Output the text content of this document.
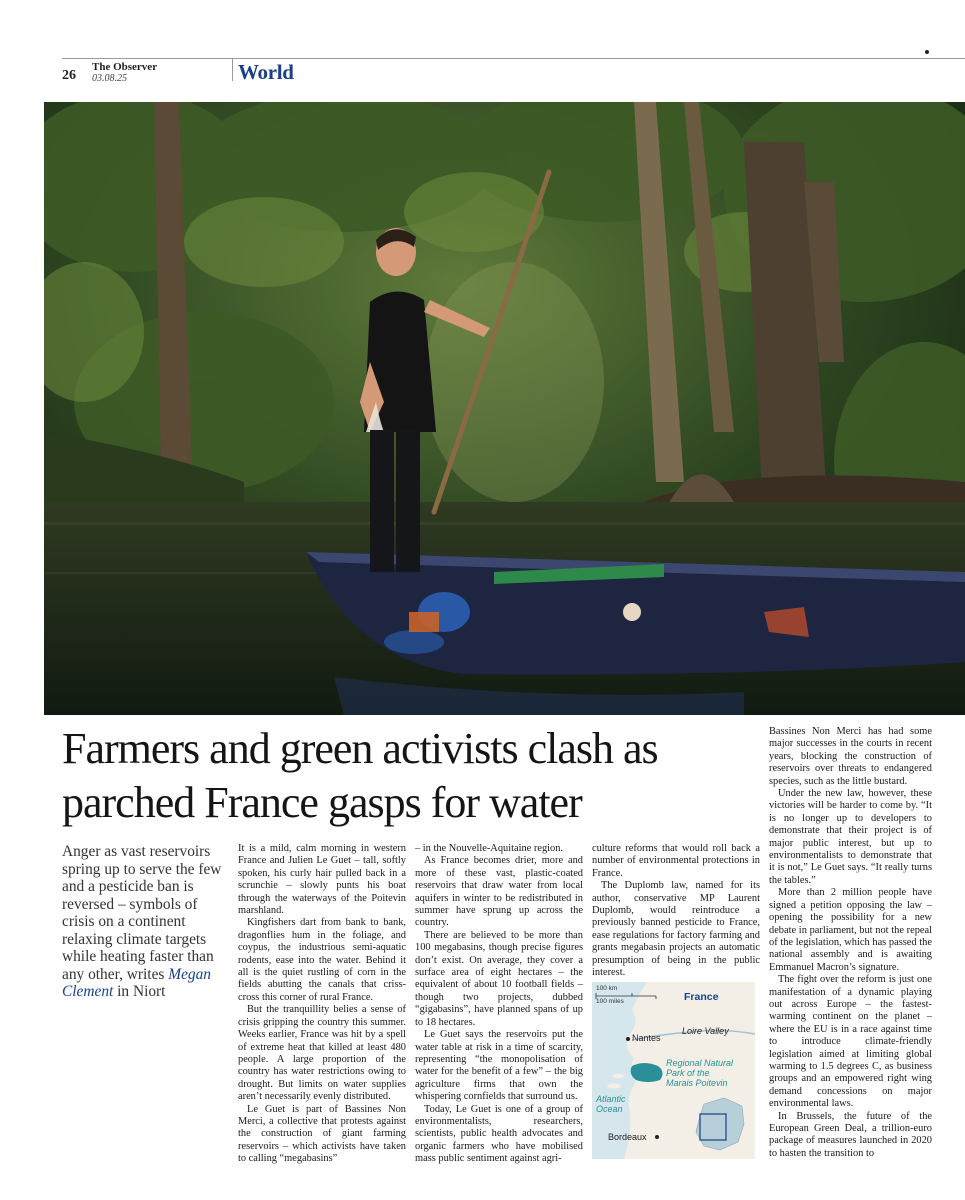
26
The Observer
03.08.25	World
Farmers and green activists clash as parched France gasps for water

Anger as vast reservoirs spring up to serve the few and a pesticide ban is reversed – symbols of crisis on a continent relaxing climate targets while heating faster than any other, writes Megan Clement in Niort

It is a mild, calm morning in western France and Julien Le Guet – tall, softly spoken, his curly hair pulled back in a scrunchie – slowly punts his boat through the waterways of the Poitevin marshland.

Kingfishers dart from bank to bank, dragonflies hum in the foliage, and coypus, the industrious semi-aquatic rodents, ease into the water. Behind it all is the quiet rustling of corn in the fields abutting the canals that criss-cross this corner of rural France.

But the tranquillity belies a sense of crisis gripping the country this summer. Weeks earlier, France was hit by a spell of extreme heat that killed at least 480 people. A large proportion of the country has water restrictions owing to drought. But limits on water supplies aren’t necessarily evenly distributed.

Le Guet is part of Bassines Non Merci, a collective that protests against the construction of giant farming reservoirs – which activists have taken to calling “megabasins”

– in the Nouvelle-Aquitaine region.

As France becomes drier, more and more of these vast, plastic-coated reservoirs that draw water from local aquifers in winter to be redistributed in summer have sprung up across the country.

There are believed to be more than 100 megabasins, though precise figures don’t exist. On average, they cover a surface area of eight hectares – the equivalent of about 10 football fields – though two projects, dubbed “gigabasins”, have planned spans of up to 18 hectares.

Le Guet says the reservoirs put the water table at risk in a time of scarcity, representing “the monopolisation of water for the benefit of a few” – the big agriculture firms that own the whispering cornfields that surround us.

Today, Le Guet is one of a group of environmentalists, researchers, scientists, public health advocates and organic farmers who have mobilised mass public sentiment against agri-

culture reforms that would roll back a number of environmental protections in France.

The Duplomb law, named for its author, conservative MP Laurent Duplomb, would reintroduce a previously banned pesticide to France, ease regulations for factory farming and grants megabasin projects an automatic presumption of being in the public interest.

Bassines Non Merci has had some major successes in the courts in recent years, blocking the construction of reservoirs over threats to endangered species, such as the little bustard.

Under the new law, however, these victories will be harder to come by. “It is no longer up to developers to demonstrate that their project is of major public interest, but up to environmentalists to demonstrate that it is not,” Le Guet says. “It really turns the tables.”

More than 2 million people have signed a petition opposing the law – opening the possibility for a new debate in parliament, but not the repeal of the legislation, which has passed the national assembly and is awaiting Emmanuel Macron’s signature.

The fight over the reform is just one manifestation of a dynamic playing out across Europe – the fastest-warming continent on the planet – where the EU is in a race against time to introduce climate-friendly legislation aimed at limiting global warming to 1.5 degrees C, as business groups and an empowered right wing demand concessions on major environmental laws.

In Brussels, the future of the European Green Deal, a trillion-euro package of measures launched in 2020 to hasten the transition to

100 km
100 miles	France
Nantes
Loire Valley
Regional Natural
Park of the
Marais Poitevin
Atlantic
Ocean
Bordeaux
